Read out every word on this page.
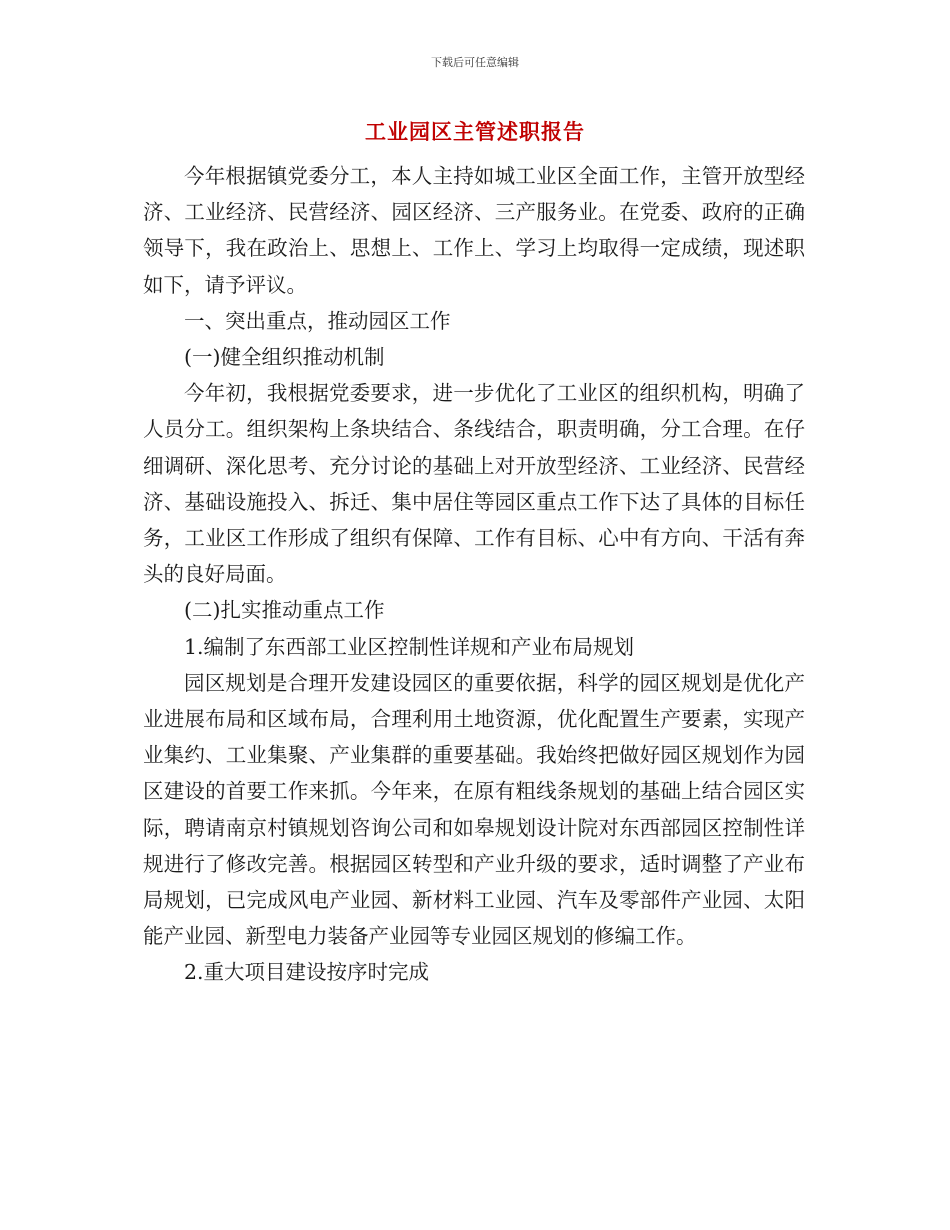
下载后可任意编辑
工业园区主管述职报告

今年根据镇党委分工，本人主持如城工业区全面工作，主管开放型经济、工业经济、民营经济、园区经济、三产服务业。在党委、政府的正确领导下，我在政治上、思想上、工作上、学习上均取得一定成绩，现述职如下，请予评议。

一、突出重点，推动园区工作

(一)健全组织推动机制

今年初，我根据党委要求，进一步优化了工业区的组织机构，明确了人员分工。组织架构上条块结合、条线结合，职责明确，分工合理。在仔细调研、深化思考、充分讨论的基础上对开放型经济、工业经济、民营经济、基础设施投入、拆迁、集中居住等园区重点工作下达了具体的目标任务，工业区工作形成了组织有保障、工作有目标、心中有方向、干活有奔头的良好局面。

(二)扎实推动重点工作

1.编制了东西部工业区控制性详规和产业布局规划

园区规划是合理开发建设园区的重要依据，科学的园区规划是优化产业进展布局和区域布局，合理利用土地资源，优化配置生产要素，实现产业集约、工业集聚、产业集群的重要基础。我始终把做好园区规划作为园区建设的首要工作来抓。今年来，在原有粗线条规划的基础上结合园区实际，聘请南京村镇规划咨询公司和如皋规划设计院对东西部园区控制性详规进行了修改完善。根据园区转型和产业升级的要求，适时调整了产业布局规划，已完成风电产业园、新材料工业园、汽车及零部件产业园、太阳能产业园、新型电力装备产业园等专业园区规划的修编工作。

2.重大项目建设按序时完成
